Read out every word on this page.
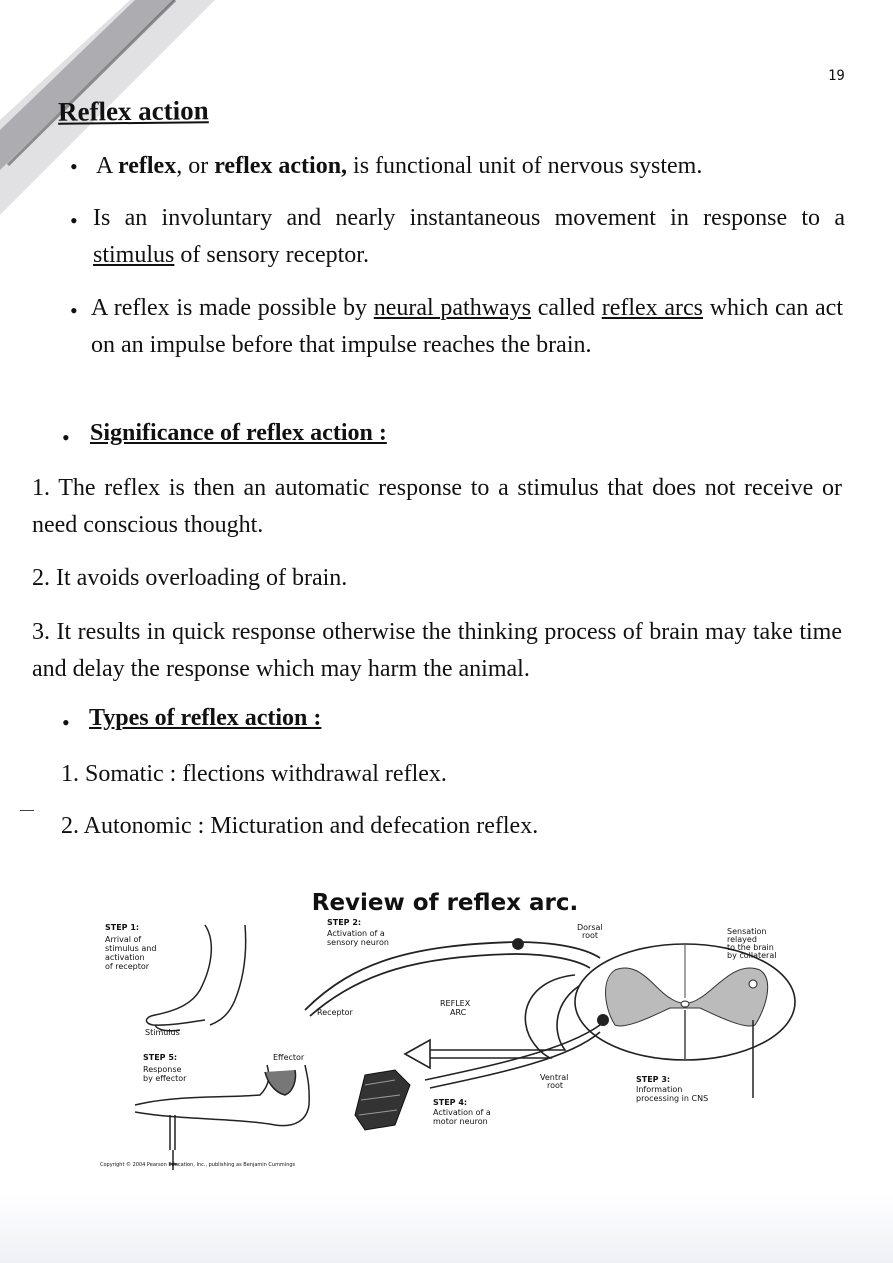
19
Reflex action
• A reflex, or reflex action, is functional unit of nervous system.

• Is an involuntary and nearly instantaneous movement in response to a stimulus of sensory receptor.

• A reflex is made possible by neural pathways called reflex arcs which can act on an impulse before that impulse reaches the brain.

• Significance of reflex action :

1. The reflex is then an automatic response to a stimulus that does not receive or need conscious thought.

2. It avoids overloading of brain.

3. It results in quick response otherwise the thinking process of brain may take time and delay the response which may harm the animal.

• Types of reflex action :

1. Somatic : flections withdrawal reflex.

2. Autonomic : Micturation and defecation reflex.

Review of reflex arc.
STEP 1:
Arrival of
stimulus and
activation
of receptor
Stimulus
STEP 2:
Activation of a
sensory neuron
Receptor
REFLEX
ARC
Dorsal
root	Sensation
relayed
to the brain
by collateral
Ventral
root
STEP 3:
Information
processing in CNS
STEP 4:
Activation of a
motor neuron
STEP 5:
Response
by effector
Effector
Copyright © 2004 Pearson Education, Inc., publishing as Benjamin Cummings
